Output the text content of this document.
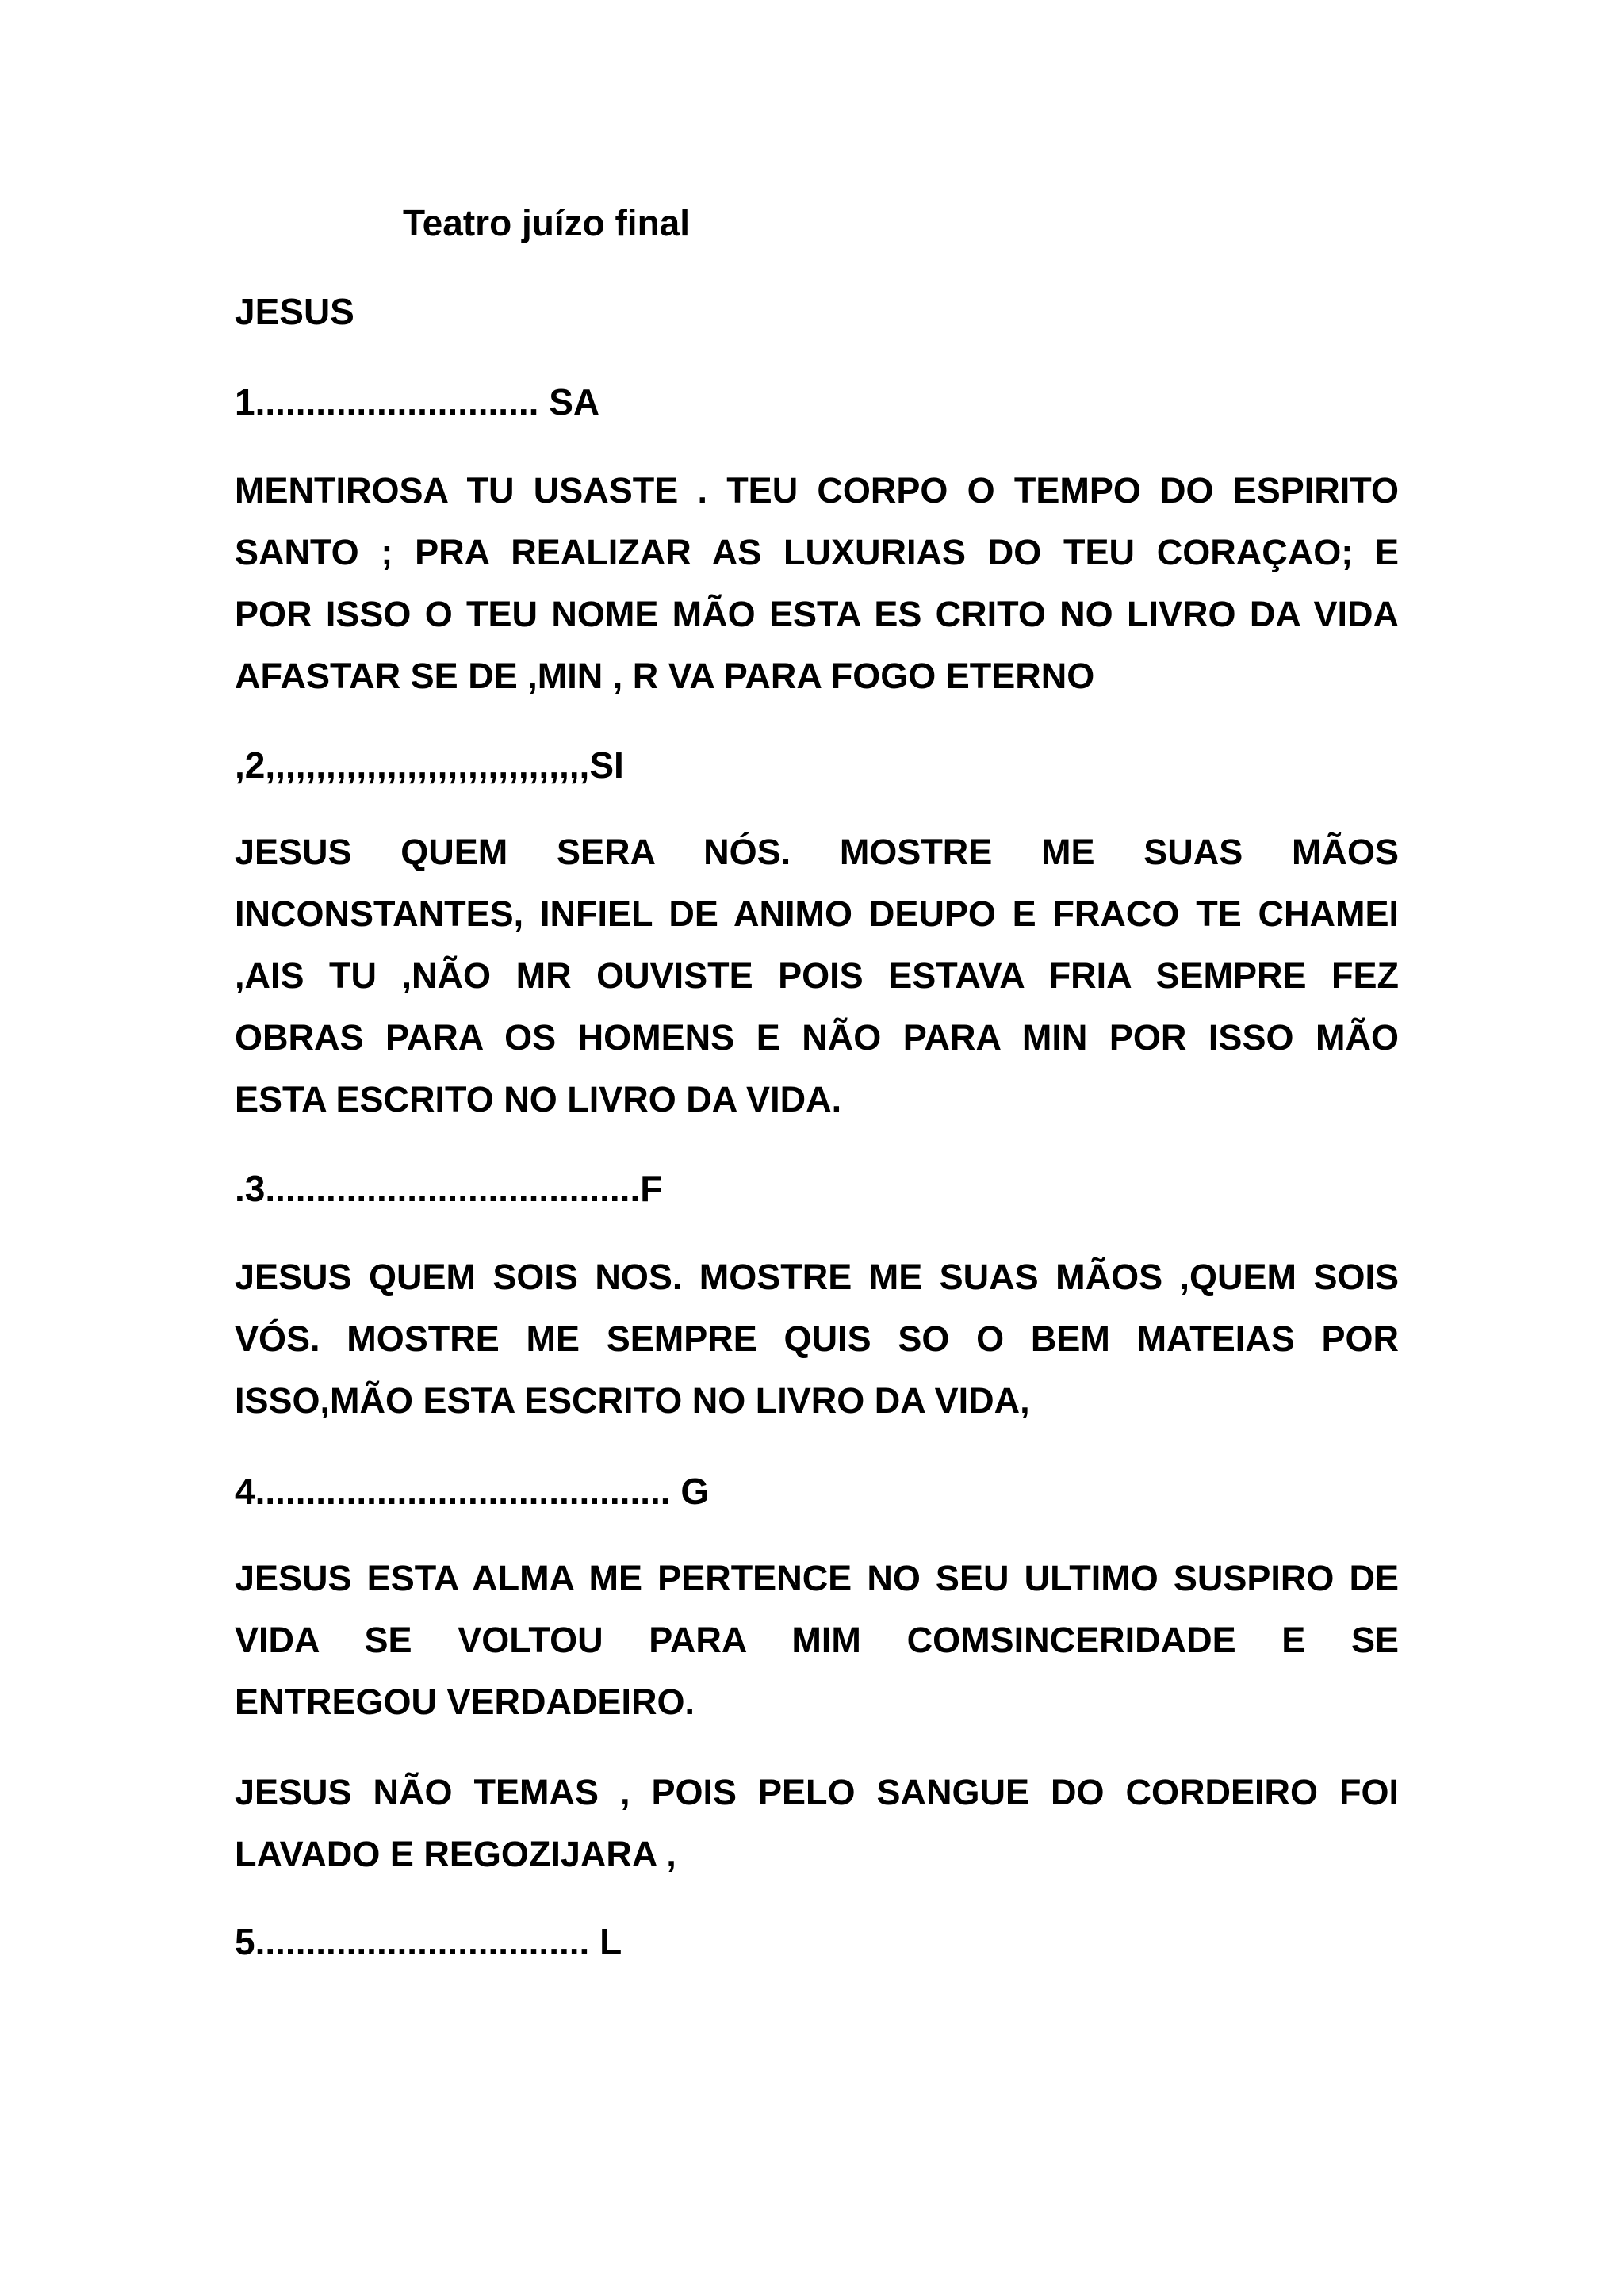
Teatro juízo final
JESUS
1............................ SA
MENTIROSA TU USASTE . TEU CORPO O TEMPO DO ESPIRITO
SANTO ; PRA REALIZAR AS LUXURIAS DO TEU CORAÇAO; E
POR ISSO O TEU NOME MÃO ESTA ES CRITO NO LIVRO DA VIDA
AFASTAR SE DE ,MIN , R VA PARA FOGO ETERNO
,2,,,,,,,,,,,,,,,,,,,,,,,,,,,,,,,,SI
JESUS QUEM SERA NÓS. MOSTRE ME SUAS MÃOS
INCONSTANTES, INFIEL DE ANIMO DEUPO E FRACO TE CHAMEI
,AIS TU ,NÃO MR OUVISTE POIS ESTAVA FRIA SEMPRE FEZ
OBRAS PARA OS HOMENS E NÃO PARA MIN POR ISSO MÃO
ESTA ESCRITO NO LIVRO DA VIDA.
.3.....................................F
JESUS QUEM SOIS NOS. MOSTRE ME SUAS MÃOS ,QUEM SOIS
VÓS. MOSTRE ME SEMPRE QUIS SO O BEM MATEIAS POR
ISSO,MÃO ESTA ESCRITO NO LIVRO DA VIDA,
4......................................... G
JESUS ESTA ALMA ME PERTENCE NO SEU ULTIMO SUSPIRO DE
VIDA SE VOLTOU PARA MIM COMSINCERIDADE E SE
ENTREGOU VERDADEIRO.
JESUS NÃO TEMAS , POIS PELO SANGUE DO CORDEIRO FOI
LAVADO E REGOZIJARA ,
5................................. L
